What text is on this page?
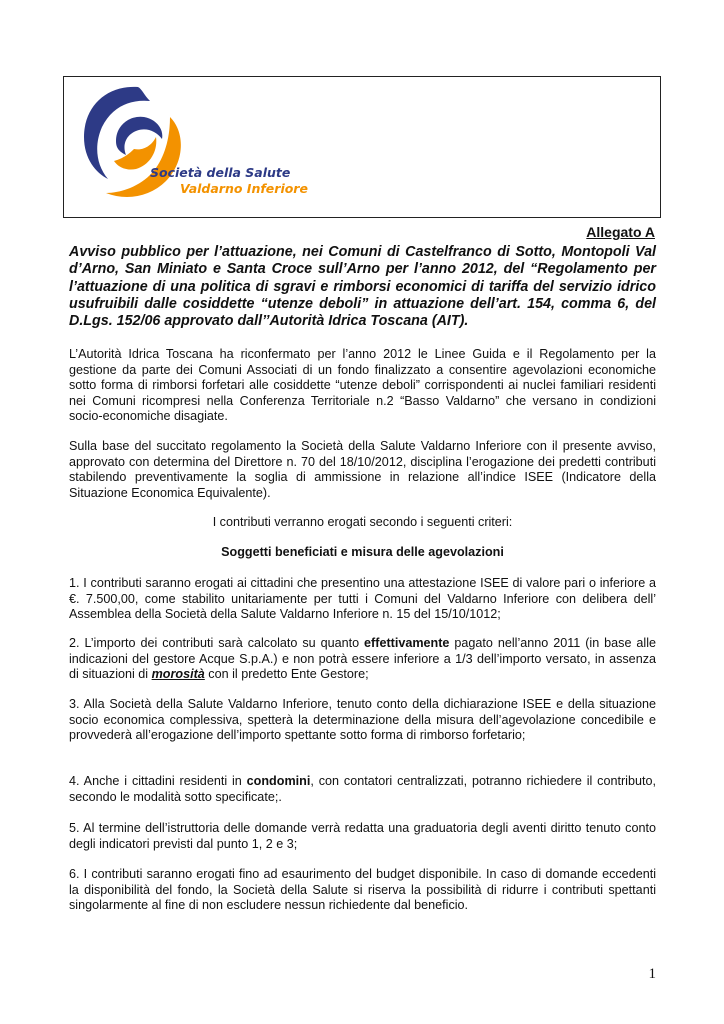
Società della Salute
Valdarno Inferiore
Allegato A

Avviso pubblico per l’attuazione, nei Comuni di Castelfranco di Sotto, Montopoli Val d’Arno, San Miniato e Santa Croce sull’Arno per l’anno 2012, del “Regolamento per l’attuazione di una politica di sgravi e rimborsi economici di tariffa del servizio idrico usufruibili dalle cosiddette “utenze deboli” in attuazione dell’art. 154, comma 6, del D.Lgs. 152/06 approvato dall’’Autorità Idrica Toscana (AIT).

L’Autorità Idrica Toscana ha riconfermato per l’anno 2012 le Linee Guida e il Regolamento per la gestione da parte dei Comuni Associati di un fondo finalizzato a consentire agevolazioni economiche sotto forma di rimborsi forfetari alle cosiddette “utenze deboli” corrispondenti ai nuclei familiari residenti nei Comuni ricompresi nella Conferenza Territoriale n.2 “Basso Valdarno” che versano in condizioni socio-economiche disagiate.

Sulla base del succitato regolamento la Società della Salute Valdarno Inferiore con il presente avviso, approvato con determina del Direttore n. 70 del 18/10/2012, disciplina l’erogazione dei predetti contributi stabilendo preventivamente la soglia di ammissione in relazione all’indice ISEE (Indicatore della Situazione Economica Equivalente).

I contributi verranno erogati secondo i seguenti criteri:

Soggetti beneficiati e misura delle agevolazioni

1. I contributi saranno erogati ai cittadini che presentino una attestazione ISEE di valore pari o inferiore a €. 7.500,00, come stabilito unitariamente per tutti i Comuni del Valdarno Inferiore con delibera dell’ Assemblea della Società della Salute Valdarno Inferiore n. 15 del 15/10/1012;

2. L’importo dei contributi sarà calcolato su quanto effettivamente pagato nell’anno 2011 (in base alle indicazioni del gestore Acque S.p.A.) e non potrà essere inferiore a 1/3 dell’importo versato, in assenza di situazioni di morosità con il predetto Ente Gestore;

3. Alla Società della Salute Valdarno Inferiore, tenuto conto della dichiarazione ISEE e della situazione socio economica complessiva, spetterà la determinazione della misura dell’agevolazione concedibile e provvederà all’erogazione dell’importo spettante sotto forma di rimborso forfetario;

4. Anche i cittadini residenti in condomini, con contatori centralizzati, potranno richiedere il contributo, secondo le modalità sotto specificate;.

5. Al termine dell’istruttoria delle domande verrà redatta una graduatoria degli aventi diritto tenuto conto degli indicatori previsti dal punto 1, 2 e 3;

6. I contributi saranno erogati fino ad esaurimento del budget disponibile. In caso di domande eccedenti la disponibilità del fondo, la Società della Salute si riserva la possibilità di ridurre i contributi spettanti singolarmente al fine di non escludere nessun richiedente dal beneficio.

1
